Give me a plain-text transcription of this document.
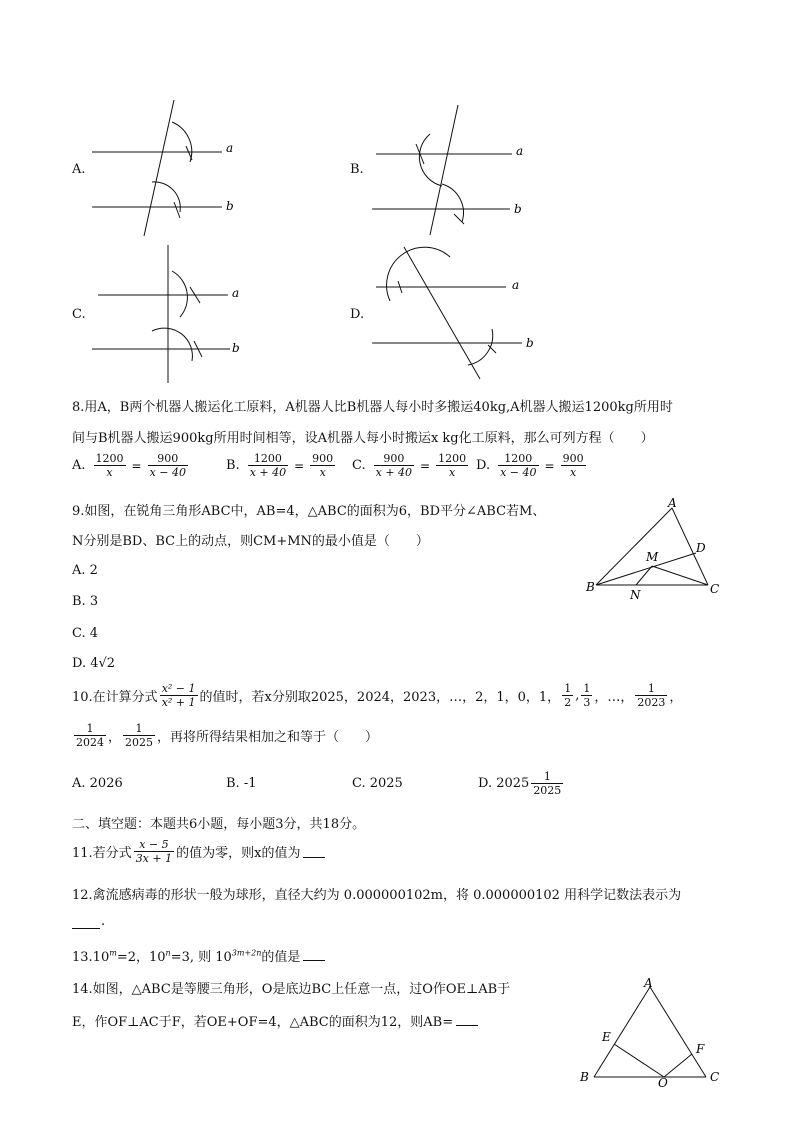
A.
a
b
B.
a
b
C.
a
b
D.
a
b
8.用A，B两个机器人搬运化工原料，A机器人比B机器人每小时多搬运40kg,A机器人搬运1200kg所用时
间与B机器人搬运900kg所用时间相等，设A机器人每小时搬运x kg化工原料，那么可列方程（　　）
A. $\frac{1200}{x} = \frac{900}{x - 40}$	B. $\frac{1200}{x + 40} = \frac{900}{x} C$. $\frac{900}{x + 40} = \frac{1200}{x} D$. $\frac{1200}{x - 40} = \frac{900}{x}$
9.如图，在锐角三角形ABC中，AB=4，△ABC的面积为6，BD平分∠ABC若M、
N分别是BD、BC上的动点，则CM+MN的最小值是（　　）
A. 2
B. 3
C. 4
D. 4√2
A
B	C
D
M
N
10.在计算分式 $\frac{\text{x² − 1}}{\text{x² + 1}}$ 的值时，若x分别取2025，2024，2023，…，2，1，0，1， $\frac{1}{2}$ , $\frac{1}{3}$ ，…， $\frac{1}{2023}$ ，
$\frac{1}{2024}$ ， $\frac{1}{2025}$ ，再将所得结果相加之和等于（　　）
A. 2026	B. -1	C. 2025	D. $2025 \frac{1}{2025}$
二、填空题：本题共6小题，每小题3分，共18分。
11.若分式 $\frac{x - 5}{3x + 1}$ 的值为零，则x的值为
12.禽流感病毒的形状一般为球形，直径大约为 0.000000102m，将 0.000000102 用科学记数法表示为
.
$13.10^m=2$，$10^n=3$, 则 $10^{3m+2n}$的值是
14.如图，△ABC是等腰三角形，O是底边BC上任意一点，过O作OE⊥AB于
E，作OF⊥AC于F，若OE+OF=4，△ABC的面积为12，则AB=
A
B	C
E
F
O
